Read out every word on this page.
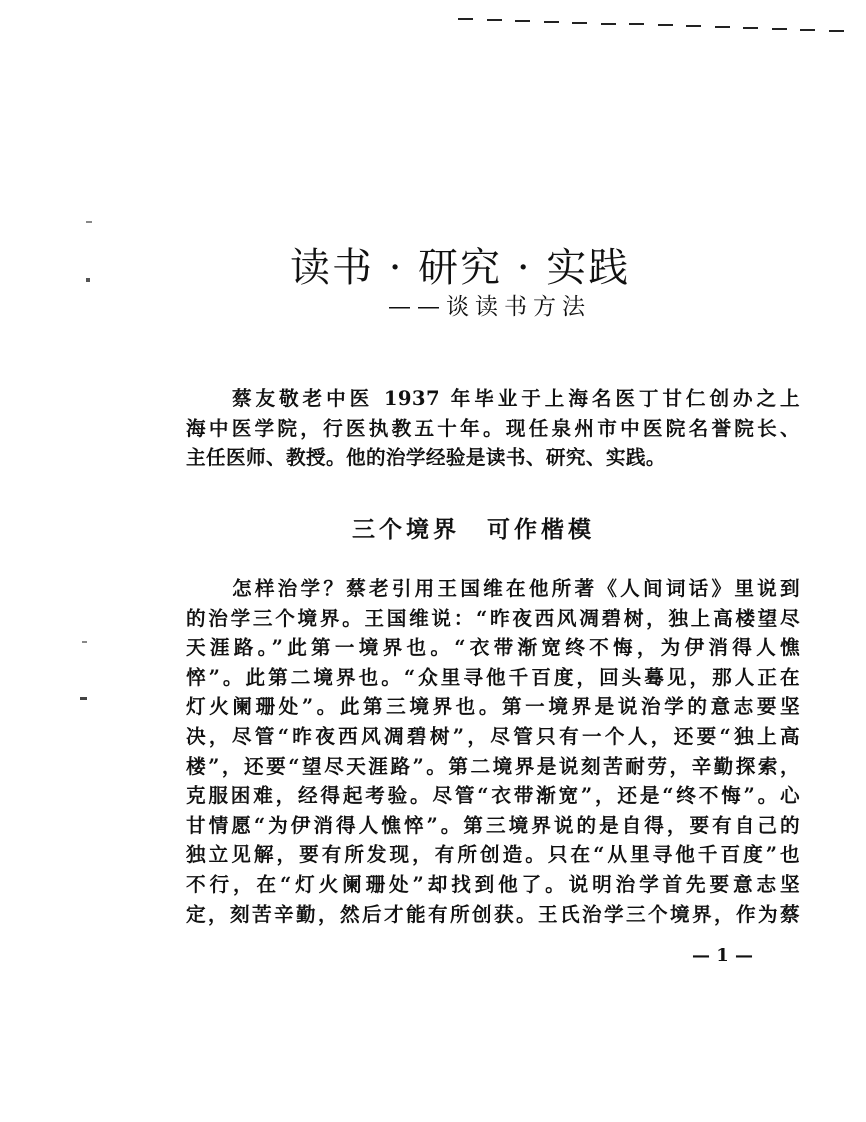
读书 · 研究 · 实践
——谈读书方法
蔡友敬老中医 1937 年毕业于上海名医丁甘仁创办之上
海中医学院，行医执教五十年。现任泉州市中医院名誉院长、
主任医师、教授。他的治学经验是读书、研究、实践。
三个境界　可作楷模
怎样治学？蔡老引用王国维在他所著《人间词话》里说到
的治学三个境界。王国维说：“昨夜西风凋碧树，独上高楼望尽
天涯路。”此第一境界也。“衣带渐宽终不悔，为伊消得人憔
悴”。此第二境界也。“众里寻他千百度，回头蓦见，那人正在
灯火阑珊处”。此第三境界也。第一境界是说治学的意志要坚
决，尽管“昨夜西风凋碧树”，尽管只有一个人，还要“独上高
楼”，还要“望尽天涯路”。第二境界是说刻苦耐劳，辛勤探索，
克服困难，经得起考验。尽管“衣带渐宽”，还是“终不悔”。心
甘情愿“为伊消得人憔悴”。第三境界说的是自得，要有自己的
独立见解，要有所发现，有所创造。只在“从里寻他千百度”也
不行，在“灯火阑珊处”却找到他了。说明治学首先要意志坚
定，刻苦辛勤，然后才能有所创获。王氏治学三个境界，作为蔡
— 1 —
